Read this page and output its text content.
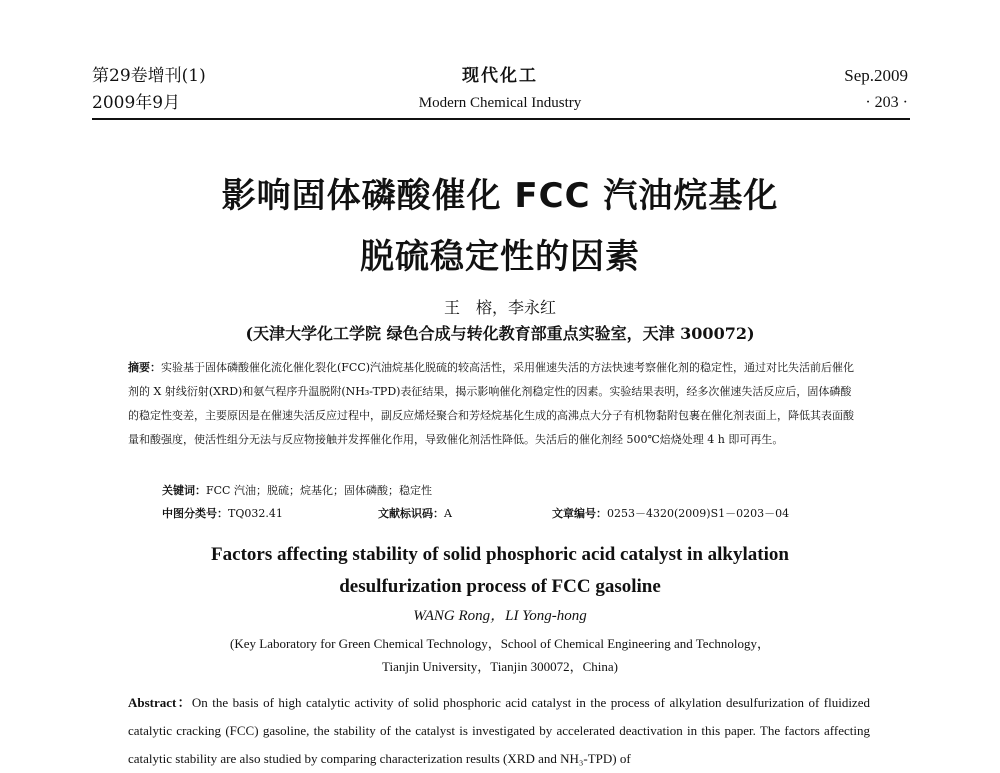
第29卷增刊(1)
2009年9月
现代化工
Modern Chemical Industry
Sep.2009
· 203 ·
影响固体磷酸催化 FCC 汽油烷基化
脱硫稳定性的因素
王　榕，李永红
(天津大学化工学院 绿色合成与转化教育部重点实验室，天津 300072)
摘要：实验基于固体磷酸催化流化催化裂化(FCC)汽油烷基化脱硫的较高活性，采用催速失活的方法快速考察催化剂的稳定性，通过对比失活前后催化剂的 X 射线衍射(XRD)和氨气程序升温脱附(NH₃-TPD)表征结果，揭示影响催化剂稳定性的因素。实验结果表明，经多次催速失活反应后，固体磷酸的稳定性变差，主要原因是在催速失活反应过程中，副反应烯烃聚合和芳烃烷基化生成的高沸点大分子有机物黏附包裹在催化剂表面上，降低其表面酸量和酸强度，使活性组分无法与反应物接触并发挥催化作用，导致催化剂活性降低。失活后的催化剂经 500℃焙烧处理 4 h 即可再生。
关键词：FCC 汽油；脱硫；烷基化；固体磷酸；稳定性
中图分类号：TQ032.41	文献标识码：A	文章编号：0253－4320(2009)S1－0203－04
Factors affecting stability of solid phosphoric acid catalyst in alkylation
desulfurization process of FCC gasoline
WANG Rong，LI Yong-hong
(Key Laboratory for Green Chemical Technology，School of Chemical Engineering and Technology，
Tianjin University，Tianjin 300072，China)
Abstract：On the basis of high catalytic activity of solid phosphoric acid catalyst in the process of alkylation desulfurization of fluidized catalytic cracking (FCC) gasoline, the stability of the catalyst is investigated by accelerated deactivation in this paper. The factors affecting catalytic stability are also studied by comparing characterization results (XRD and NH₃-TPD) of
